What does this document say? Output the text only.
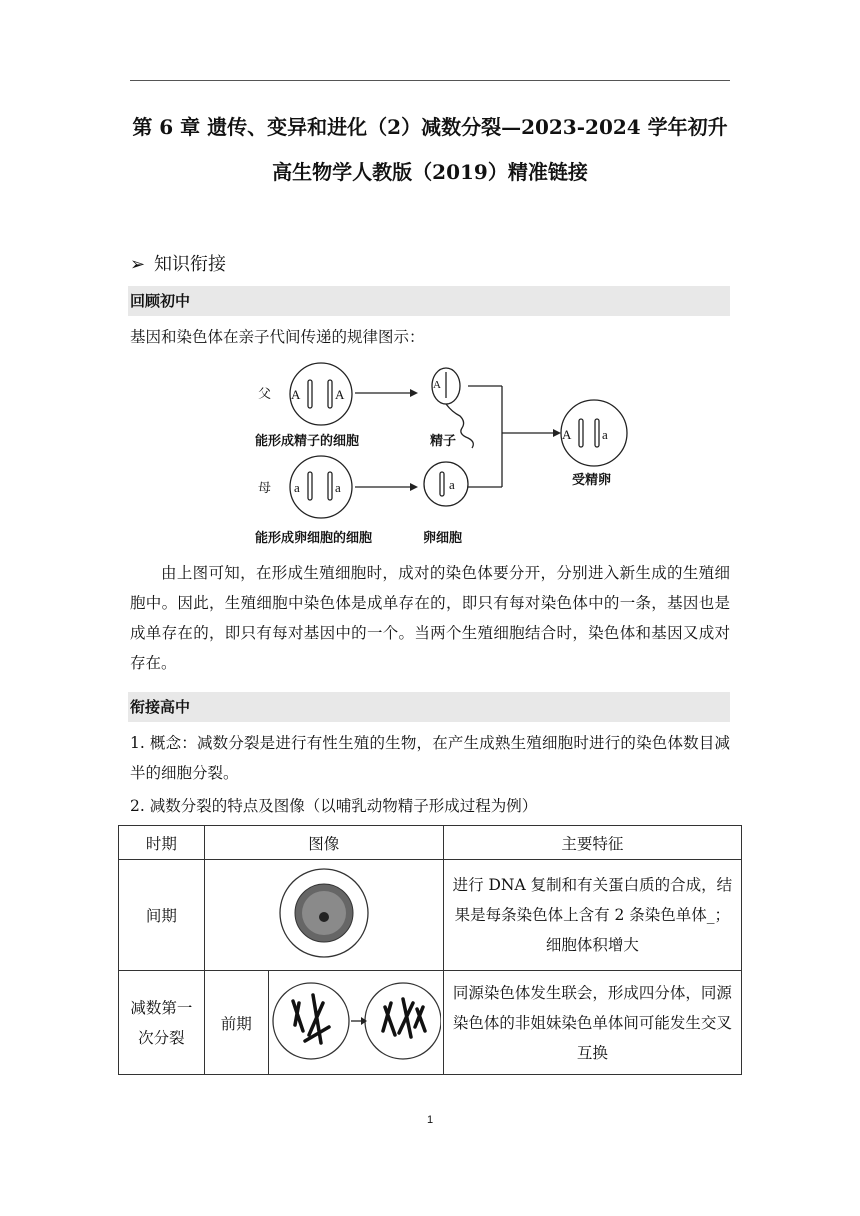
第 6 章 遗传、变异和进化（2）减数分裂—2023-2024 学年初升
高生物学人教版（2019）精准链接
➢ 知识衔接
回顾初中
基因和染色体在亲子代间传递的规律图示：
父
母
A	A
a	a
A
a
A a
能形成精子的细胞	精子
能形成卵细胞的细胞	卵细胞
受精卵
由上图可知，在形成生殖细胞时，成对的染色体要分开，分别进入新生成的生殖细胞中。因此，生殖细胞中染色体是成单存在的，即只有每对染色体中的一条，基因也是成单存在的，即只有每对基因中的一个。当两个生殖细胞结合时，染色体和基因又成对存在。
衔接高中
1. 概念：减数分裂是进行有性生殖的生物，在产生成熟生殖细胞时进行的染色体数目减半的细胞分裂。
2. 减数分裂的特点及图像（以哺乳动物精子形成过程为例）
时期	图像		主要特征
间期			进行 DNA 复制和有关蛋白质的合成，结果是每条染色体上含有 2 条染色单体_；细胞体积增大
减数第一次分裂	前期		同源染色体发生联会，形成四分体，同源染色体的非姐妹染色单体间可能发生交叉互换
1
